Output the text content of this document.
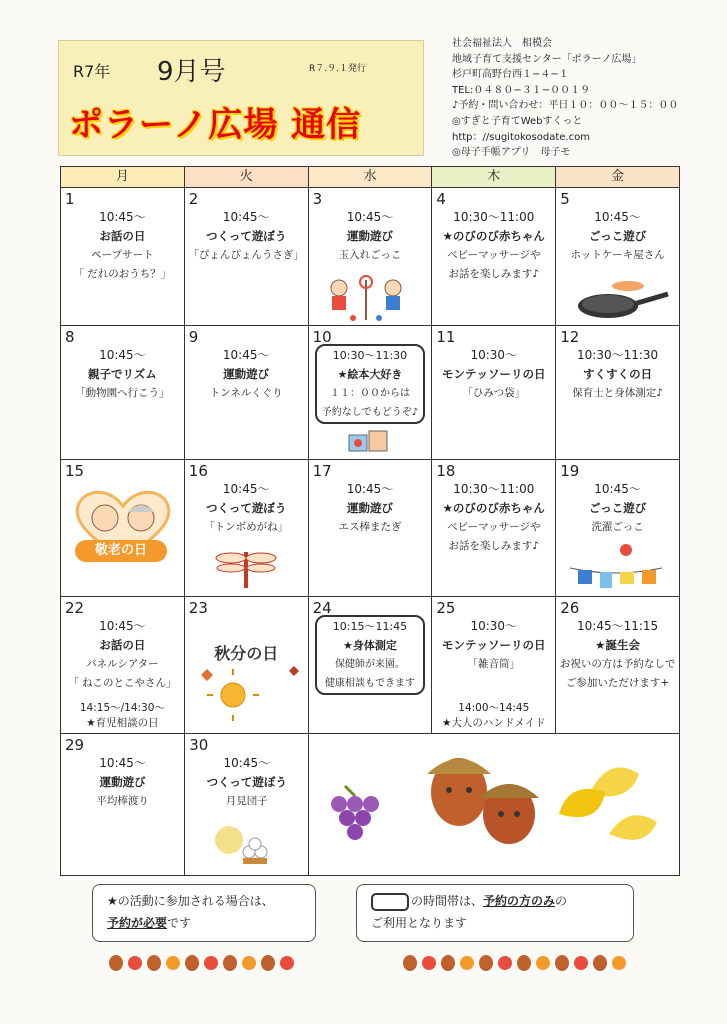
R7年 9月号	R７.９.１発行
ポラーノ広場 通信
社会福祉法人　相模会
地域子育て支援センター「ポラーノ広場」
杉戸町高野台西１−４−１
TEL:０４８０−３１−００１９
♪予約・問い合わせ：平日１０：００〜１５：００
◎すぎと子育てWebすくっと
http：//sugitokosodate.com
◎母子手帳アプリ　母子モ
月	火	水	木	金
1
10:45〜
お話の日
ペープサート
「 だれのおうち？」
2
10:45〜
つくって遊ぼう
「ぴょんぴょんうさぎ」
3
10:45〜
運動遊び
玉入れごっこ
4
10:30〜11:00
★のびのび赤ちゃん
ベビーマッサージや
お話を楽しみます♪
5
10:45〜
ごっこ遊び
ホットケーキ屋さん
8
10:45〜
親子でリズム
「動物園へ行こう」
9
10:45〜
運動遊び
トンネルくぐり
10
10:30〜11:30
★絵本大好き
１１：００からは
予約なしでもどうぞ♪
11
10:30〜
モンテッソーリの日
「ひみつ袋」
12
10:30〜11:30
すくすくの日
保育士と身体測定♪
15
敬老の日
16
10:45〜
つくって遊ぼう
「トンボめがね」
17
10:45〜
運動遊び
エス棒またぎ
18
10:30〜11:00
★のびのび赤ちゃん
ベビーマッサージや
お話を楽しみます♪
19
10:45〜
ごっこ遊び
洗濯ごっこ
22
10:45〜
お話の日
パネルシアター
「 ねこのとこやさん」
14:15〜/14:30〜
★育児相談の日
23
秋分の日
24
10:15〜11:45
★身体測定
保健師が来園。
健康相談もできます
25
10:30〜
モンテッソーリの日
「雑音筒」
14:00〜14:45
★大人のハンドメイド
26
10:45〜11:15
★誕生会
お祝いの方は予約なしで
ご参加いただけます+
29
10:45〜
運動遊び
平均棒渡り
30
10:45〜
つくって遊ぼう
月見団子
★の活動に参加される場合は、
予約が必要です
の時間帯は、予約の方のみの
ご利用となります
